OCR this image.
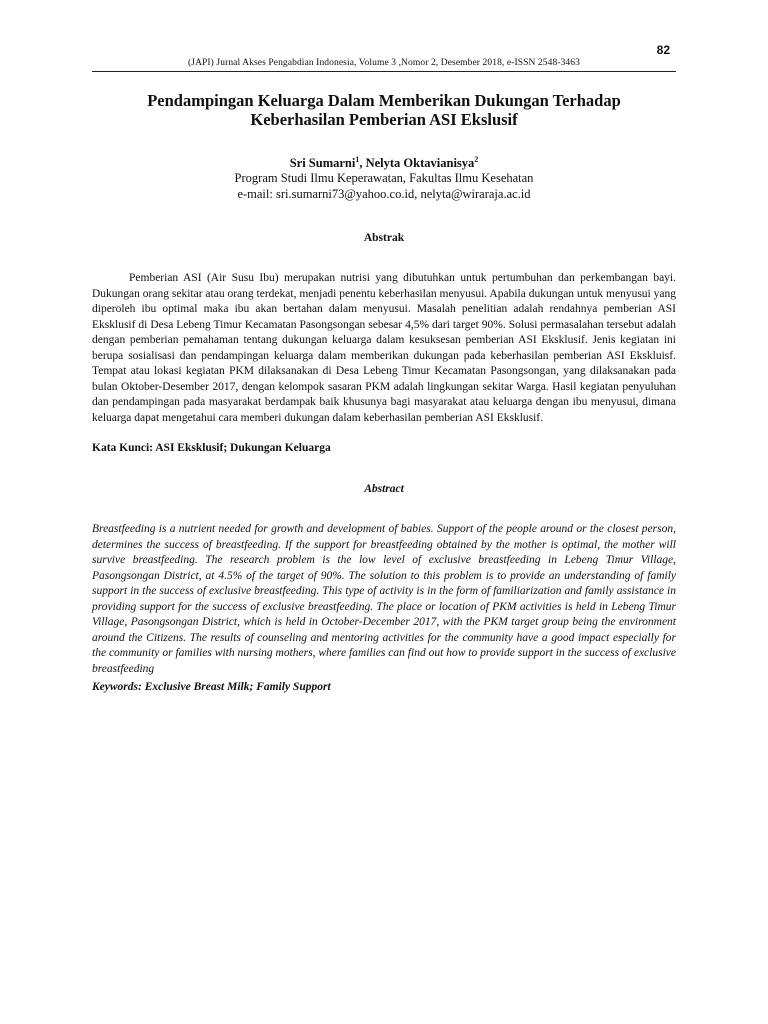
82
(JAPI) Jurnal Akses Pengabdian Indonesia, Volume 3 ,Nomor 2, Desember 2018, e-ISSN 2548-3463
Pendampingan Keluarga Dalam Memberikan Dukungan Terhadap
Keberhasilan Pemberian ASI Ekslusif
Sri Sumarni$^1$, Nelyta Oktavianisya$^2$
Program Studi Ilmu Keperawatan, Fakultas Ilmu Kesehatan
e-mail: sri.sumarni73@yahoo.co.id, nelyta@wiraraja.ac.id
Abstrak

Pemberian ASI (Air Susu Ibu) merupakan nutrisi yang dibutuhkan untuk pertumbuhan dan perkembangan bayi. Dukungan orang sekitar atau orang terdekat, menjadi penentu keberhasilan menyusui. Apabila dukungan untuk menyusui yang diperoleh ibu optimal maka ibu akan bertahan dalam menyusui. Masalah penelitian adalah rendahnya pemberian ASI Eksklusif di Desa Lebeng Timur Kecamatan Pasongsongan sebesar 4,5% dari target 90%. Solusi permasalahan tersebut adalah dengan pemberian pemahaman tentang dukungan keluarga dalam kesuksesan pemberian ASI Eksklusif. Jenis kegiatan ini berupa sosialisasi dan pendampingan keluarga dalam memberikan dukungan pada keberhasilan pemberian ASI Ekskluisf. Tempat atau lokasi kegiatan PKM dilaksanakan di Desa Lebeng Timur Kecamatan Pasongsongan, yang dilaksanakan pada bulan Oktober-Desember 2017, dengan kelompok sasaran PKM adalah lingkungan sekitar Warga. Hasil kegiatan penyuluhan dan pendampingan pada masyarakat berdampak baik khusunya bagi masyarakat atau keluarga dengan ibu menyusui, dimana keluarga dapat mengetahui cara memberi dukungan dalam keberhasilan pemberian ASI Eksklusif.

Kata Kunci: ASI Eksklusif; Dukungan Keluarga
Abstract

Breastfeeding is a nutrient needed for growth and development of babies. Support of the people around or the closest person, determines the success of breastfeeding. If the support for breastfeeding obtained by the mother is optimal, the mother will survive breastfeeding. The research problem is the low level of exclusive breastfeeding in Lebeng Timur Village, Pasongsongan District, at 4.5% of the target of 90%. The solution to this problem is to provide an understanding of family support in the success of exclusive breastfeeding. This type of activity is in the form of familiarization and family assistance in providing support for the success of exclusive breastfeeding. The place or location of PKM activities is held in Lebeng Timur Village, Pasongsongan District, which is held in October-December 2017, with the PKM target group being the environment around the Citizens. The results of counseling and mentoring activities for the community have a good impact especially for the community or families with nursing mothers, where families can find out how to provide support in the success of exclusive breastfeeding

Keywords: Exclusive Breast Milk; Family Support
